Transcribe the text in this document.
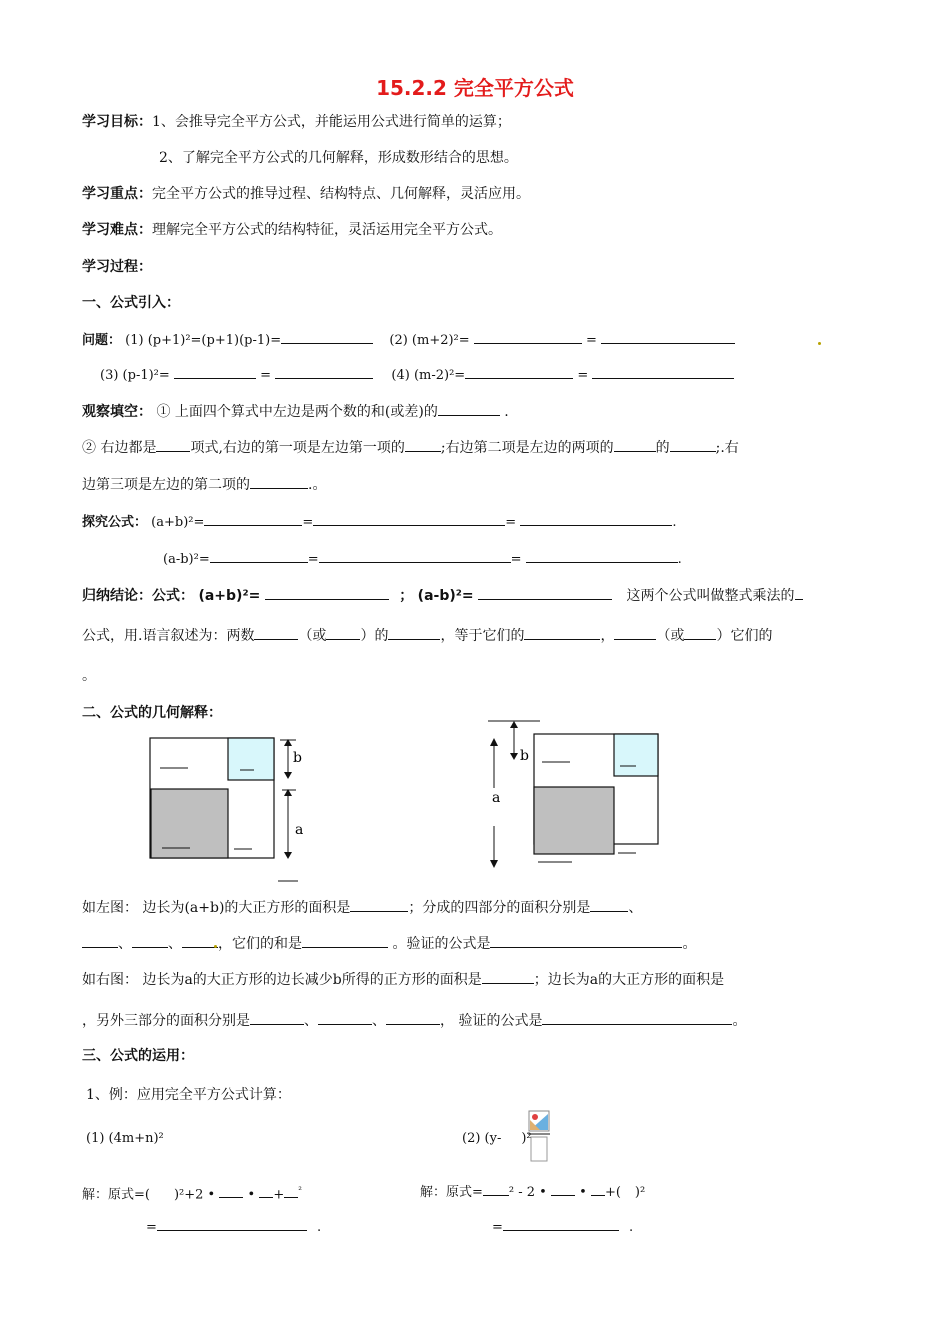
15.2.2 完全平方公式
学习目标：1、会推导完全平方公式，并能运用公式进行简单的运算；
2、了解完全平方公式的几何解释，形成数形结合的思想。
学习重点：完全平方公式的推导过程、结构特点、几何解释，灵活应用。
学习难点：理解完全平方公式的结构特征，灵活运用完全平方公式。
学习过程：
一、公式引入：
问题： (1) (p+1)²=(p+1)(p-1)=	(2) (m+2)²=	=
(3) (p-1)²=	=	(4) (m-2)²=	=
观察填空： ① 上面四个算式中左边是两个数的和(或差)的	.
② 右边都是 项式,右边的第一项是左边第一项的	;右边第二项是左边的两项的	的	;.右
边第三项是左边的第二项的	.。
探究公式： (a+b)²=	=	=	.
(a-b)²=	=	=	.
归纳结论：公式： (a+b)²=	； (a-b)²=	这两个公式叫做整式乘法的
公式，用.语言叙述为：两数	（或 ）的	，等于它们的	，	（或 ）它们的
。
二、公式的几何解释：
b
a
b
a
如左图： 边长为(a+b)的大正方形的面积是	；分成的四部分的面积分别是	、
、	、	，它们的和是	。验证的公式是	。
如右图： 边长为a的大正方形的边长减少b所得的正方形的面积是	；边长为a的大正方形的面积是
，另外三部分的面积分别是	、	、	， 验证的公式是	。
三、公式的运用：
1、例：应用完全平方公式计算：
(1) (4m+n)²	(2) (y- )²
解：原式=( )²+2 • • + $^{^2}$	解：原式= ² - 2 • • +( )²
=	.	=	.
